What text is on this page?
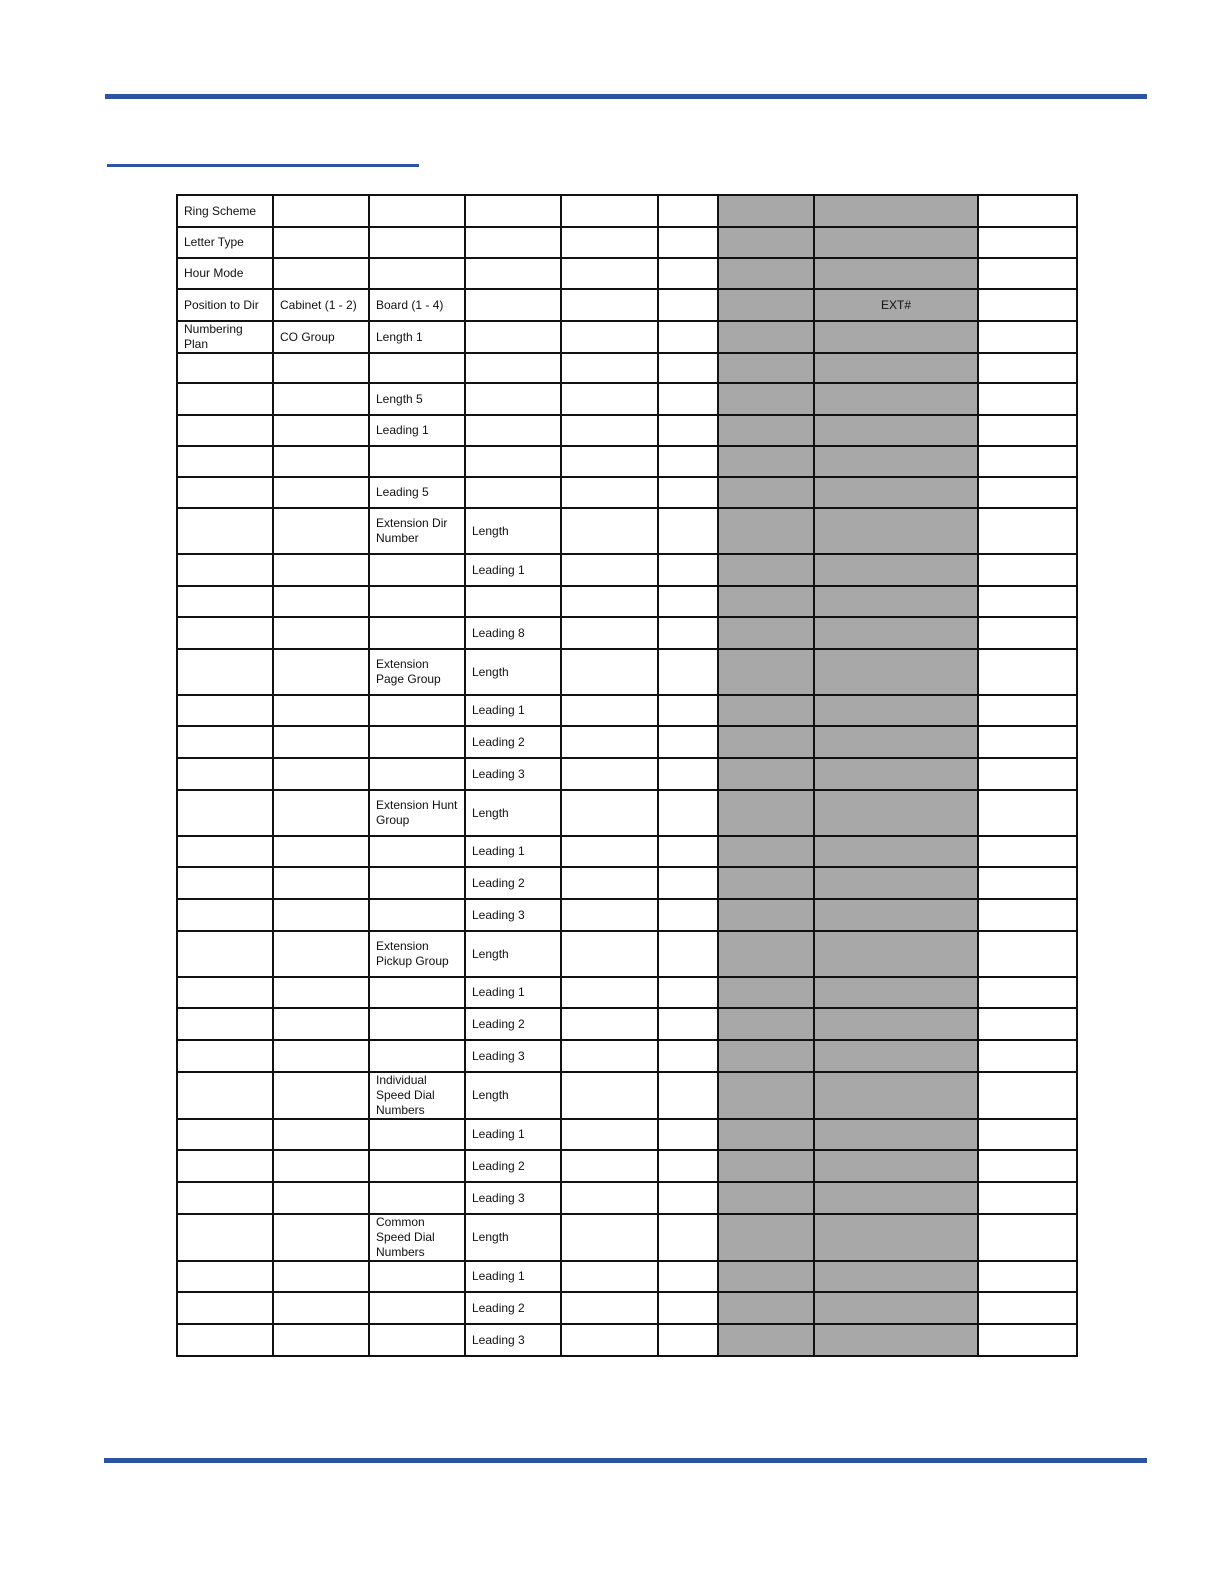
Ring Scheme								
Letter Type								
Hour Mode								
Position to Dir	Cabinet (1 - 2)	Board (1 - 4)					EXT#	
Numbering Plan	CO Group	Length 1						

		Length 5						
		Leading 1						

		Leading 5						
		Extension Dir Number	Length					
			Leading 1					

			Leading 8					
		Extension Page Group	Length					
			Leading 1					
			Leading 2					
			Leading 3					
		Extension Hunt Group	Length					
			Leading 1					
			Leading 2					
			Leading 3					
		Extension Pickup Group	Length					
			Leading 1					
			Leading 2					
			Leading 3					
		Individual Speed Dial Numbers	Length					
			Leading 1					
			Leading 2					
			Leading 3					
		Common Speed Dial Numbers	Length					
			Leading 1					
			Leading 2					
			Leading 3					
